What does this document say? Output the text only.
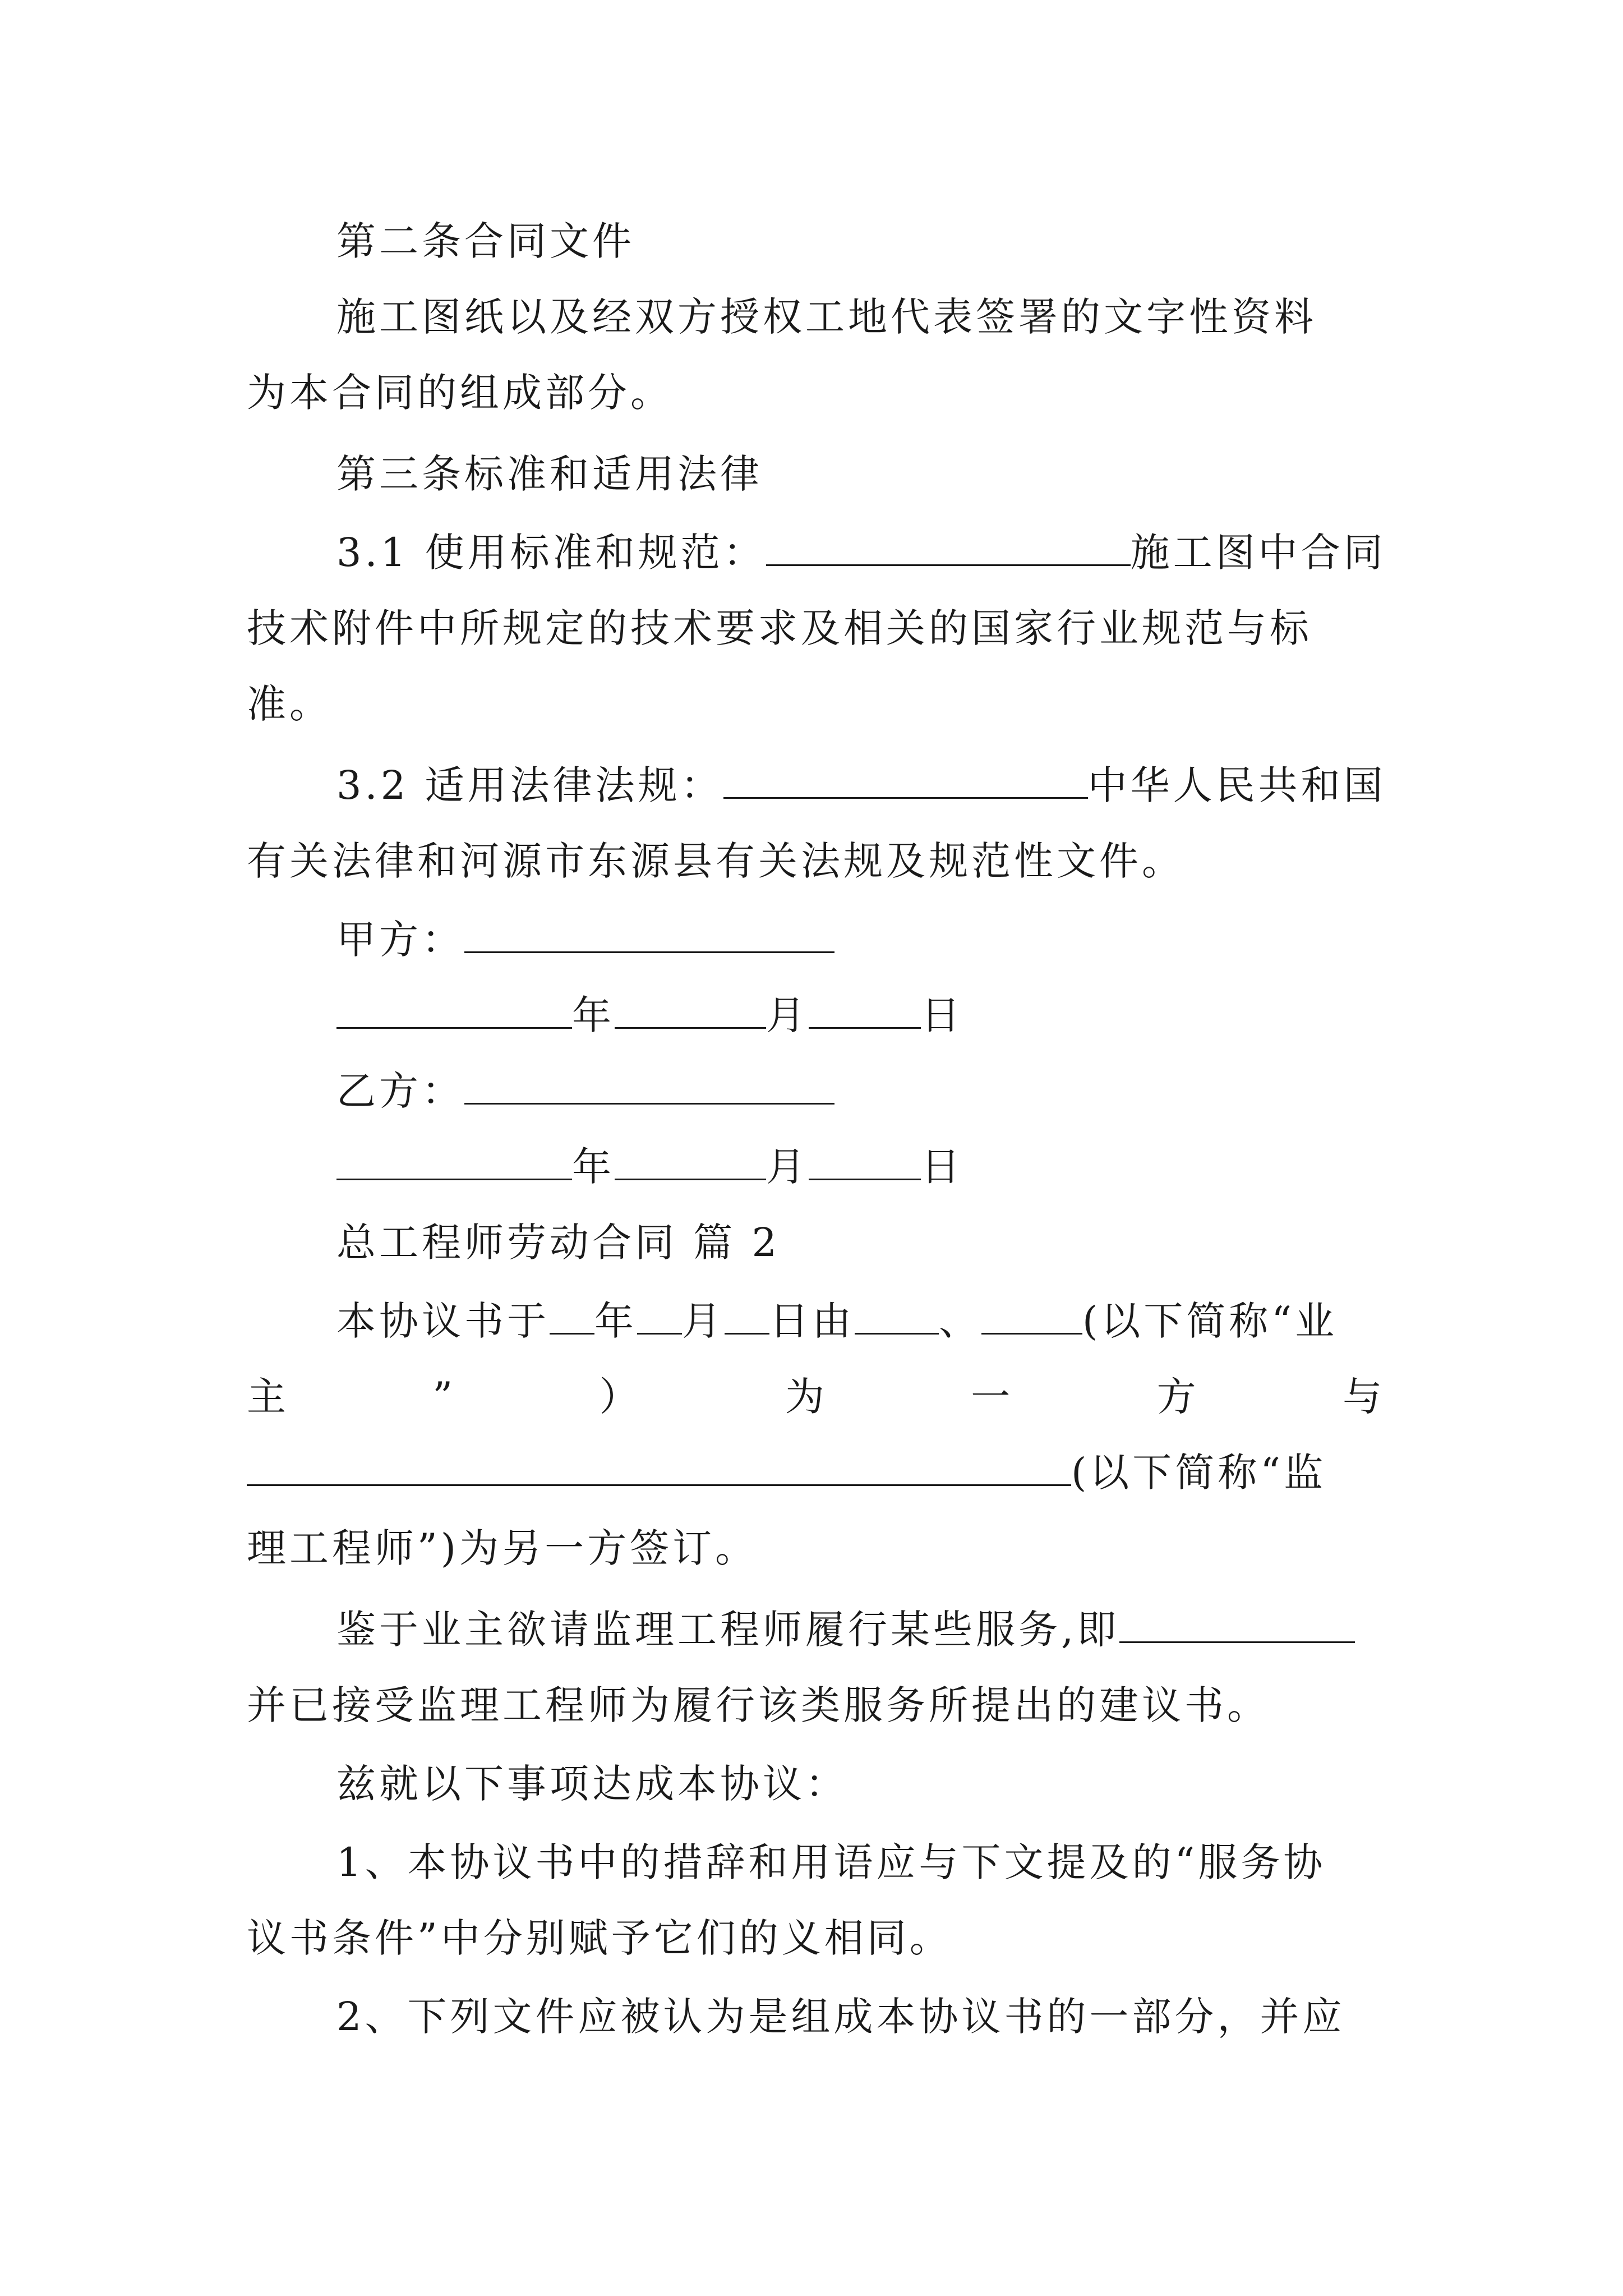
第二条合同文件
施工图纸以及经双方授权工地代表签署的文字性资料
为本合同的组成部分。
第三条标准和适用法律
3.1 使用标准和规范：	施工图中合同
技术附件中所规定的技术要求及相关的国家行业规范与标
准。
3.2 适用法律法规：	中华人民共和国
有关法律和河源市东源县有关法规及规范性文件。
甲方：
年	月	日
乙方：
年	月	日
总工程师劳动合同 篇 2
本协议书于 年 月 日由 、	(以下简称“业
主	”	）	为	一	方	与
(以下简称“监
理工程师”)为另一方签订。
鉴于业主欲请监理工程师履行某些服务,即
并已接受监理工程师为履行该类服务所提出的建议书。
兹就以下事项达成本协议：
1、本协议书中的措辞和用语应与下文提及的“服务协
议书条件”中分别赋予它们的义相同。
2、下列文件应被认为是组成本协议书的一部分，并应
